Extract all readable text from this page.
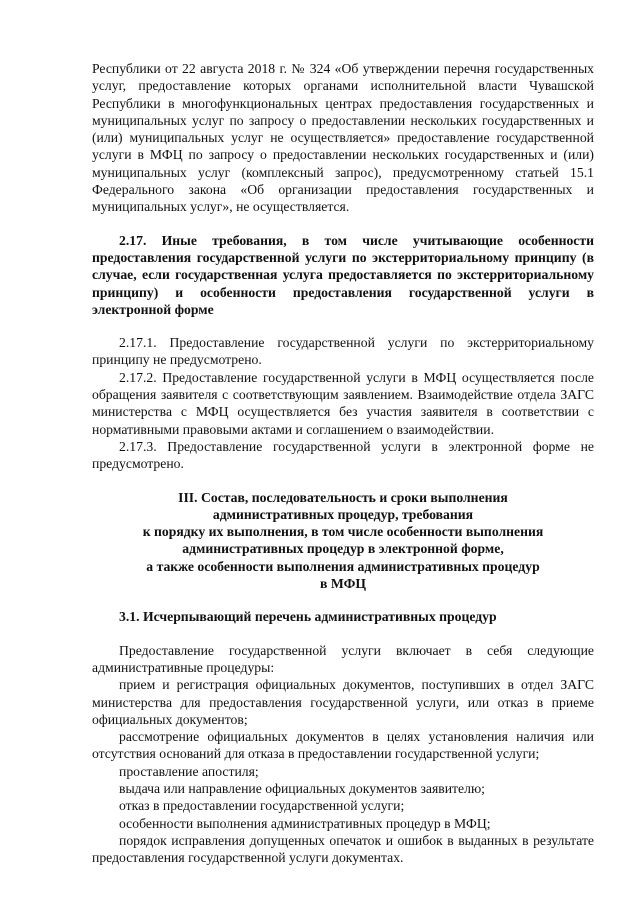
Республики от 22 августа 2018 г. № 324 «Об утверждении перечня государственных услуг, предоставление которых органами исполнительной власти Чувашской Республики в многофункциональных центрах предоставления государственных и муниципальных услуг по запросу о предоставлении нескольких государственных и (или) муниципальных услуг не осуществляется» предоставление государственной услуги в МФЦ по запросу о предоставлении нескольких государственных и (или) муниципальных услуг (комплексный запрос), предусмотренному статьей 15.1 Федерального закона «Об организации предоставления государственных и муниципальных услуг», не осуществляется.

2.17. Иные требования, в том числе учитывающие особенности предоставления государственной услуги по экстерриториальному принципу (в случае, если государственная услуга предоставляется по экстерриториальному принципу) и особенности предоставления государственной услуги в электронной форме

2.17.1. Предоставление государственной услуги по экстерриториальному принципу не предусмотрено.

2.17.2. Предоставление государственной услуги в МФЦ осуществляется после обращения заявителя с соответствующим заявлением. Взаимодействие отдела ЗАГС министерства с МФЦ осуществляется без участия заявителя в соответствии с нормативными правовыми актами и соглашением о взаимодействии.

2.17.3. Предоставление государственной услуги в электронной форме не предусмотрено.

III. Состав, последовательность и сроки выполнения
административных процедур, требования
к порядку их выполнения, в том числе особенности выполнения
административных процедур в электронной форме,
а также особенности выполнения административных процедур
в МФЦ

3.1. Исчерпывающий перечень административных процедур

Предоставление государственной услуги включает в себя следующие административные процедуры:

прием и регистрация официальных документов, поступивших в отдел ЗАГС министерства для предоставления государственной услуги, или отказ в приеме официальных документов;

рассмотрение официальных документов в целях установления наличия или отсутствия оснований для отказа в предоставлении государственной услуги;

проставление апостиля;

выдача или направление официальных документов заявителю;

отказ в предоставлении государственной услуги;

особенности выполнения административных процедур в МФЦ;

порядок исправления допущенных опечаток и ошибок в выданных в результате предоставления государственной услуги документах.
